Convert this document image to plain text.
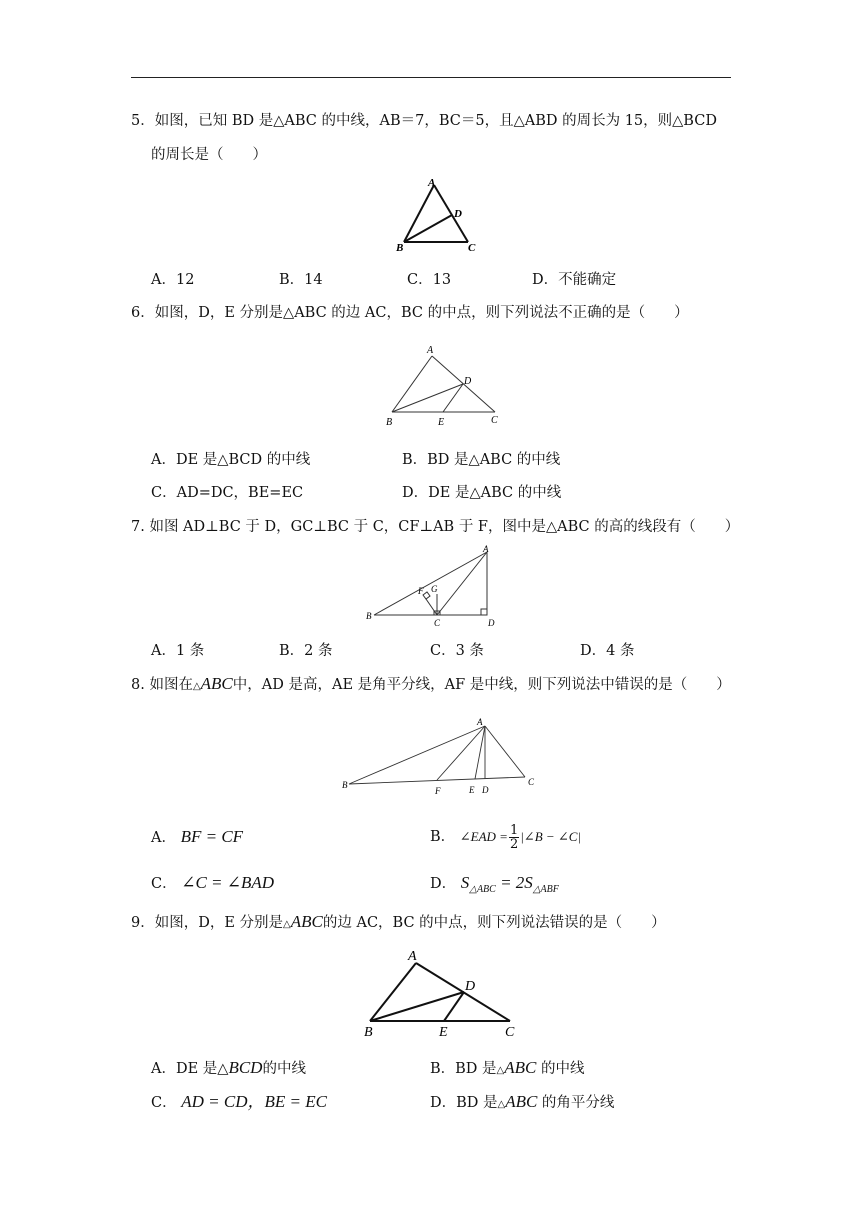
5．如图，已知 BD 是△ABC 的中线，AB＝7，BC＝5，且△ABD 的周长为 15，则△BCD
的周长是（　　）
A
D
B	C
A．12	B．14	C．13	D．不能确定
6．如图，D，E 分别是△ABC 的边 AC，BC 的中点，则下列说法不正确的是（　　）
A
D
B	E	C
A．DE 是△BCD 的中线	B．BD 是△ABC 的中线
C．AD=DC，BE=EC	D．DE 是△ABC 的中线
7. 如图 AD⊥BC 于 D，GC⊥BC 于 C，CF⊥AB 于 F，图中是△ABC 的高的线段有（　　）
A
G
F
B
C	D
A．1 条	B．2 条	C．3 条	D．4 条
8. 如图在△ABC中，AD 是高，AE 是角平分线，AF 是中线，则下列说法中错误的是（　　）
A
B
F	E D
C
A． BF = CF	B． ∠EAD = $\frac{1}{2}$ |∠B − ∠C|
C． ∠C = ∠BAD	D． $S_{\triangle ABC} = 2S_{\triangle ABF}$
9．如图，D，E 分别是△ABC的边 AC，BC 的中点，则下列说法错误的是（　　）
A
D
B	E	C
A．DE 是△BCD的中线	B．BD 是△ABC 的中线
C． AD = CD，BE = EC	D．BD 是△ABC 的角平分线
